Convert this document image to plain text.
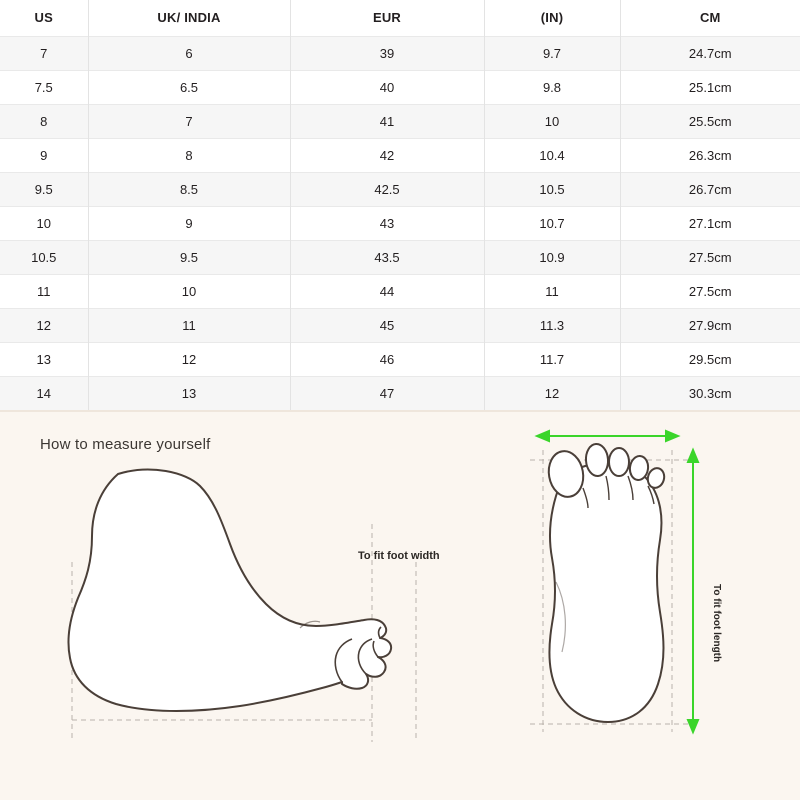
US	UK/ INDIA	EUR	(IN)	CM
7	6	39	9.7	24.7cm
7.5	6.5	40	9.8	25.1cm
8	7	41	10	25.5cm
9	8	42	10.4	26.3cm
9.5	8.5	42.5	10.5	26.7cm
10	9	43	10.7	27.1cm
10.5	9.5	43.5	10.9	27.5cm
11	10	44	11	27.5cm
12	11	45	11.3	27.9cm
13	12	46	11.7	29.5cm
14	13	47	12	30.3cm
How to measure yourself
To fit foot width
To fit foot length
